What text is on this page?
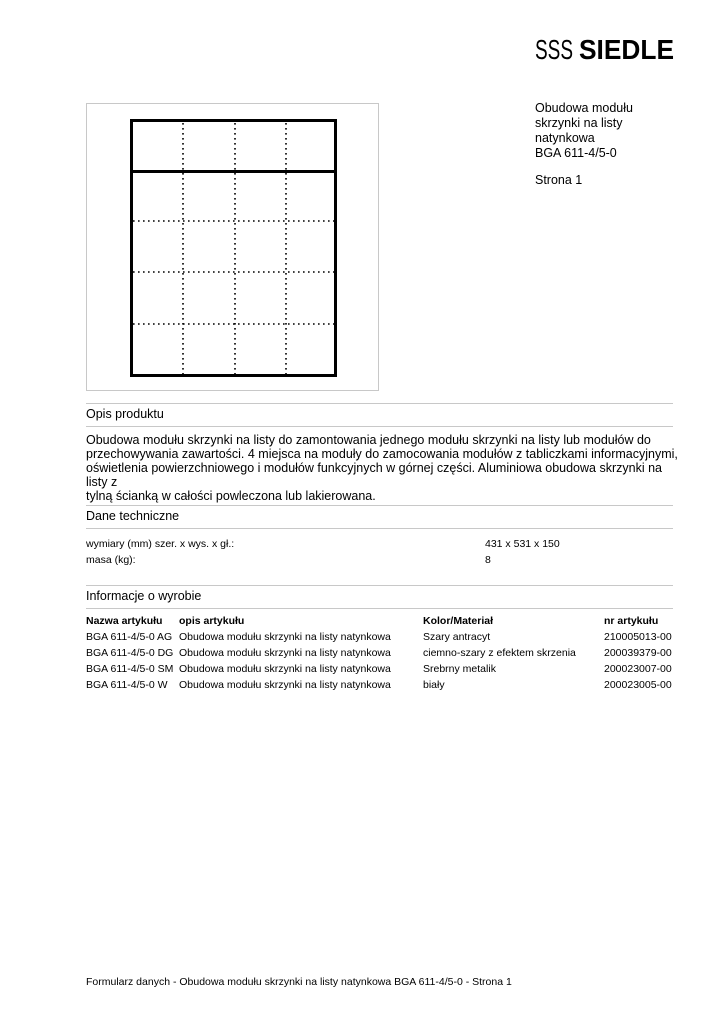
SSS SIEDLE
Obudowa modułu
skrzynki na listy
natynkowa
BGA 611-4/5-0
Strona 1
Opis produktu
Obudowa modułu skrzynki na listy do zamontowania jednego modułu skrzynki na listy lub modułów do
przechowywania zawartości. 4 miejsca na moduły do zamocowania modułów z tabliczkami informacyjnymi,
oświetlenia powierzchniowego i modułów funkcyjnych w górnej części. Aluminiowa obudowa skrzynki na listy z
tylną ścianką w całości powleczona lub lakierowana.
Dane techniczne
wymiary (mm) szer. x wys. x gł.:	431 x 531 x 150
masa (kg):	8
Informacje o wyrobie
Nazwa artykułu opis artykułu	Kolor/Materiał	nr artykułu
BGA 611-4/5-0 AG Obudowa modułu skrzynki na listy natynkowa	Szary antracyt	210005013-00
BGA 611-4/5-0 DG Obudowa modułu skrzynki na listy natynkowa	ciemno-szary z efektem skrzenia	200039379-00
BGA 611-4/5-0 SM Obudowa modułu skrzynki na listy natynkowa	Srebrny metalik	200023007-00
BGA 611-4/5-0 W Obudowa modułu skrzynki na listy natynkowa	biały	200023005-00
Formularz danych - Obudowa modułu skrzynki na listy natynkowa BGA 611-4/5-0 - Strona 1
